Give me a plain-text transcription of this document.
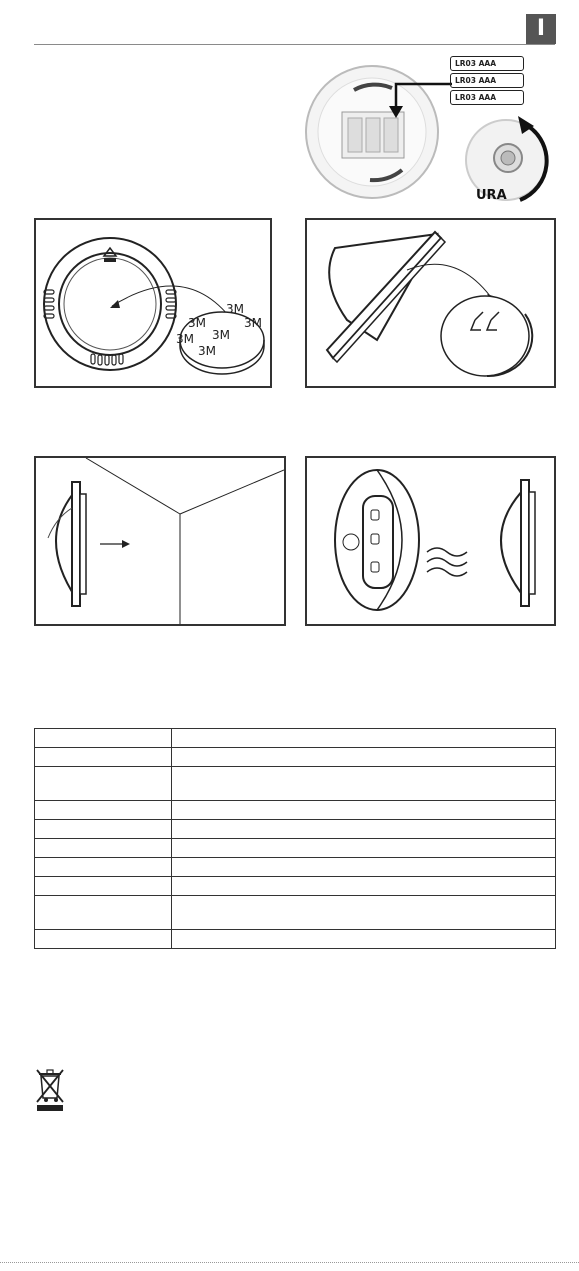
I
LR03 AAA
LR03 AAA
LR03 AAA
URA
3M
3M
3M
3M
3M
3M
